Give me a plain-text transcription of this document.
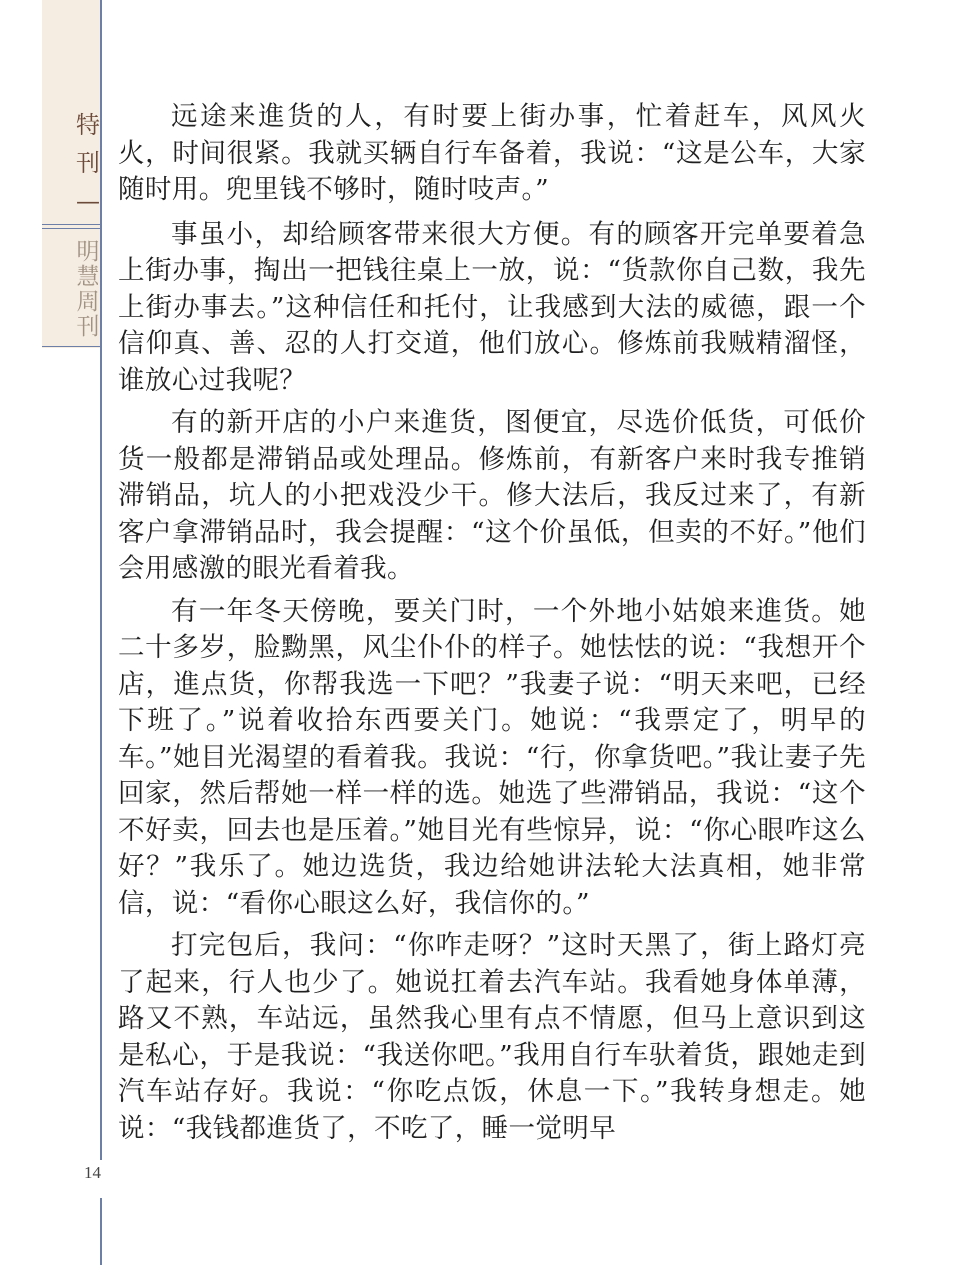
特
刊
—
明
慧
周
刊
14

远途来進货的人，有时要上街办事，忙着赶车，风风火火，时间很紧。我就买辆自行车备着，我说：“这是公车，大家随时用。兜里钱不够时，随时吱声。”

事虽小，却给顾客带来很大方便。有的顾客开完单要着急上街办事，掏出一把钱往桌上一放，说：“货款你自己数，我先上街办事去。”这种信任和托付，让我感到大法的威德，跟一个信仰真、善、忍的人打交道，他们放心。修炼前我贼精溜怪，谁放心过我呢？

有的新开店的小户来進货，图便宜，尽选价低货，可低价货一般都是滞销品或处理品。修炼前，有新客户来时我专推销滞销品，坑人的小把戏没少干。修大法后，我反过来了，有新客户拿滞销品时，我会提醒：“这个价虽低，但卖的不好。”他们会用感激的眼光看着我。

有一年冬天傍晚，要关门时，一个外地小姑娘来進货。她二十多岁，脸黝黑，风尘仆仆的样子。她怯怯的说：“我想开个店，進点货，你帮我选一下吧？”我妻子说：“明天来吧，已经下班了。”说着收拾东西要关门。她说：“我票定了，明早的车。”她目光渴望的看着我。我说：“行，你拿货吧。”我让妻子先回家，然后帮她一样一样的选。她选了些滞销品，我说：“这个不好卖，回去也是压着。”她目光有些惊异，说：“你心眼咋这么好？”我乐了。她边选货，我边给她讲法轮大法真相，她非常信，说：“看你心眼这么好，我信你的。”

打完包后，我问：“你咋走呀？”这时天黑了，街上路灯亮了起来，行人也少了。她说扛着去汽车站。我看她身体单薄，路又不熟，车站远，虽然我心里有点不情愿，但马上意识到这是私心，于是我说：“我送你吧。”我用自行车驮着货，跟她走到汽车站存好。我说：“你吃点饭，休息一下。”我转身想走。她说：“我钱都進货了，不吃了，睡一觉明早
